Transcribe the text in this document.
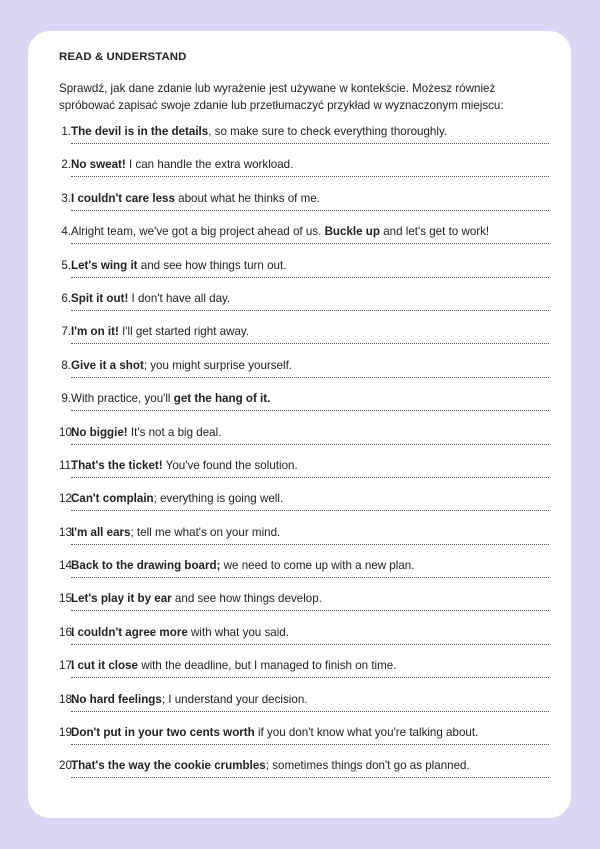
READ & UNDERSTAND
Sprawdź, jak dane zdanie lub wyrażenie jest używane w kontekście. Możesz również spróbować zapisać swoje zdanie lub przetłumaczyć przykład w wyznaczonym miejscu:
1. The devil is in the details, so make sure to check everything thoroughly.
2. No sweat! I can handle the extra workload.
3. I couldn't care less about what he thinks of me.
4. Alright team, we've got a big project ahead of us. Buckle up and let's get to work!
5. Let's wing it and see how things turn out.
6. Spit it out! I don't have all day.
7. I'm on it! I'll get started right away.
8. Give it a shot; you might surprise yourself.
9. With practice, you'll get the hang of it.
10.
No biggie! It's not a big deal.
11.
That's the ticket! You've found the solution.
12.
Can't complain; everything is going well.
13.
I'm all ears; tell me what's on your mind.
14.
Back to the drawing board; we need to come up with a new plan.
15.
Let's play it by ear and see how things develop.
16.
I couldn't agree more with what you said.
17.
I cut it close with the deadline, but I managed to finish on time.
18.
No hard feelings; I understand your decision.
19.
Don't put in your two cents worth if you don't know what you're talking about.
20.
That's the way the cookie crumbles; sometimes things don't go as planned.
